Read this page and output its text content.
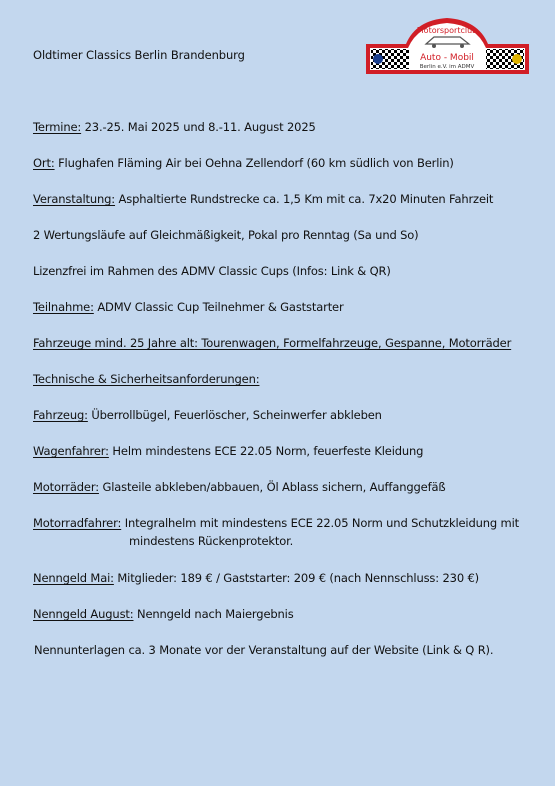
Oldtimer Classics Berlin Brandenburg
Motorsportclub
Auto - Mobil
Berlin e.V. im ADMV
Termine: 23.-25. Mai 2025 und 8.-11. August 2025
Ort: Flughafen Fläming Air bei Oehna Zellendorf (60 km südlich von Berlin)
Veranstaltung: Asphaltierte Rundstrecke ca. 1,5 Km mit ca. 7x20 Minuten Fahrzeit
2 Wertungsläufe auf Gleichmäßigkeit, Pokal pro Renntag (Sa und So)
Lizenzfrei im Rahmen des ADMV Classic Cups (Infos: Link & QR)
Teilnahme: ADMV Classic Cup Teilnehmer & Gaststarter
Fahrzeuge mind. 25 Jahre alt: Tourenwagen, Formelfahrzeuge, Gespanne, Motorräder
Technische & Sicherheitsanforderungen:
Fahrzeug: Überrollbügel, Feuerlöscher, Scheinwerfer abkleben
Wagenfahrer: Helm mindestens ECE 22.05 Norm, feuerfeste Kleidung
Motorräder: Glasteile abkleben/abbauen, Öl Ablass sichern, Auffanggefäß
Motorradfahrer: Integralhelm mit mindestens ECE 22.05 Norm und Schutzkleidung mit
mindestens Rückenprotektor.
Nenngeld Mai: Mitglieder: 189 € / Gaststarter: 209 € (nach Nennschluss: 230 €)
Nenngeld August: Nenngeld nach Maiergebnis
Nennunterlagen ca. 3 Monate vor der Veranstaltung auf der Website (Link & Q R).
